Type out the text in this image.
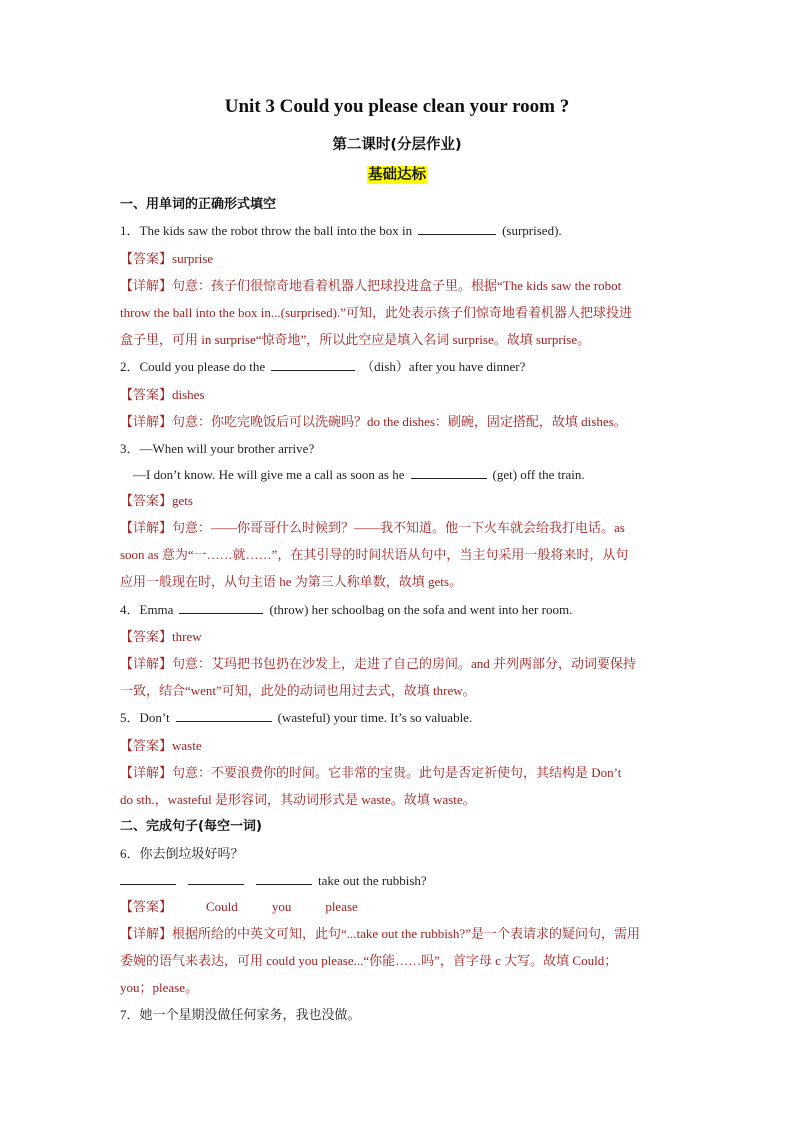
Unit 3 Could you please clean your room ?
第二课时(分层作业)
基础达标
一、用单词的正确形式填空
1．The kids saw the robot throw the ball into the box in	(surprised).
【答案】surprise
【详解】句意：孩子们很惊奇地看着机器人把球投进盒子里。根据“The kids saw the robot
throw the ball into the box in...(surprised).”可知，此处表示孩子们惊奇地看着机器人把球投进
盒子里，可用 in surprise“惊奇地”，所以此空应是填入名词 surprise。故填 surprise。
2．Could you please do the	（dish）after you have dinner?
【答案】dishes
【详解】句意：你吃完晚饭后可以洗碗吗？do the dishes：刷碗，固定搭配，故填 dishes。
3．—When will your brother arrive?
—I don’t know. He will give me a call as soon as he	(get) off the train.
【答案】gets
【详解】句意：——你哥哥什么时候到？——我不知道。他一下火车就会给我打电话。as
soon as 意为“一……就……”，在其引导的时间状语从句中，当主句采用一般将来时，从句
应用一般现在时，从句主语 he 为第三人称单数，故填 gets。
4．Emma	(throw) her schoolbag on the sofa and went into her room.
【答案】threw
【详解】句意：艾玛把书包扔在沙发上，走进了自己的房间。and 并列两部分，动词要保持
一致，结合“went”可知，此处的动词也用过去式，故填 threw。
5．Don’t	(wasteful) your time. It’s so valuable.
【答案】waste
【详解】句意：不要浪费你的时间。它非常的宝贵。此句是否定祈使句，其结构是 Don’t
do sth.，wasteful 是形容词，其动词形式是 waste。故填 waste。
二、完成句子(每空一词)
6．你去倒垃圾好吗？
take out the rubbish?
【答案】	Could	you	please
【详解】根据所给的中英文可知，此句“...take out the rubbish?”是一个表请求的疑问句，需用
委婉的语气来表达，可用 could you please...“你能……吗”，首字母 c 大写。故填 Could；
you；please。
7．她一个星期没做任何家务，我也没做。
